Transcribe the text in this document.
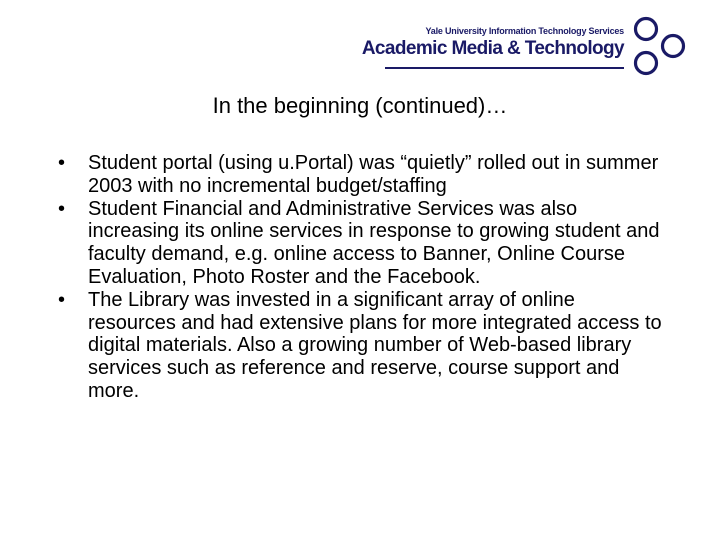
Yale University Information Technology Services
Academic Media & Technology
In the beginning (continued)…
• Student portal (using u.Portal) was “quietly” rolled out in summer 2003 with no incremental budget/staffing
• Student Financial and Administrative Services was also increasing its online services in response to growing student and faculty demand, e.g. online access to Banner, Online Course Evaluation, Photo Roster and the Facebook.
• The Library was invested in a significant array of online resources and had extensive plans for more integrated access to digital materials. Also a growing number of Web-based library services such as reference and reserve, course support and more.
